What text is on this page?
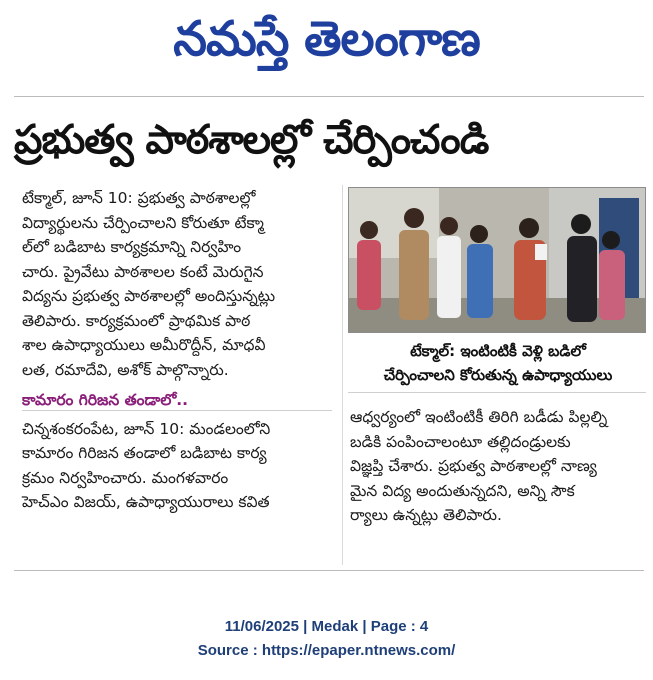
నమస్తే తెలంగాణ
ప్రభుత్వ పాఠశాలల్లో చేర్పించండి

టేక్మాల్, జూన్ 10: ప్రభుత్వ పాఠశాలల్లో

విద్యార్థులను చేర్పించాలని కోరుతూ టేక్మా

ల్‌లో బడిబాట కార్యక్రమాన్ని నిర్వహిం

చారు. ప్రైవేటు పాఠశాలల కంటే మెరుగైన

విద్యను ప్రభుత్వ పాఠశాలల్లో అందిస్తున్నట్లు

తెలిపారు. కార్యక్రమంలో ప్రాథమిక పాఠ

శాల ఉపాధ్యాయులు అమీరొద్దీన్, మాధవీ

లత, రమాదేవి, అశోక్ పాల్గొన్నారు.

కామారం గిరిజన తండాలో..

చిన్నశంకరంపేట, జూన్ 10: మండలంలోని

కామారం గిరిజన తండాలో బడిబాట కార్య

క్రమం నిర్వహించారు. మంగళవారం

హెచ్‌ఎం విజయ్, ఉపాధ్యాయురాలు కవిత

టేక్మాల్: ఇంటింటికీ వెళ్లి బడిలో
చేర్పించాలని కోరుతున్న ఉపాధ్యాయులు

ఆధ్వర్యంలో ఇంటింటికీ తిరిగి బడీడు పిల్లల్ని

బడికి పంపించాలంటూ తల్లిదండ్రులకు

విజ్ఞప్తి చేశారు. ప్రభుత్వ పాఠశాలల్లో నాణ్య

మైన విద్య అందుతున్నదని, అన్ని సౌక

ర్యాలు ఉన్నట్లు తెలిపారు.

11/06/2025 | Medak | Page : 4
Source : https://epaper.ntnews.com/
